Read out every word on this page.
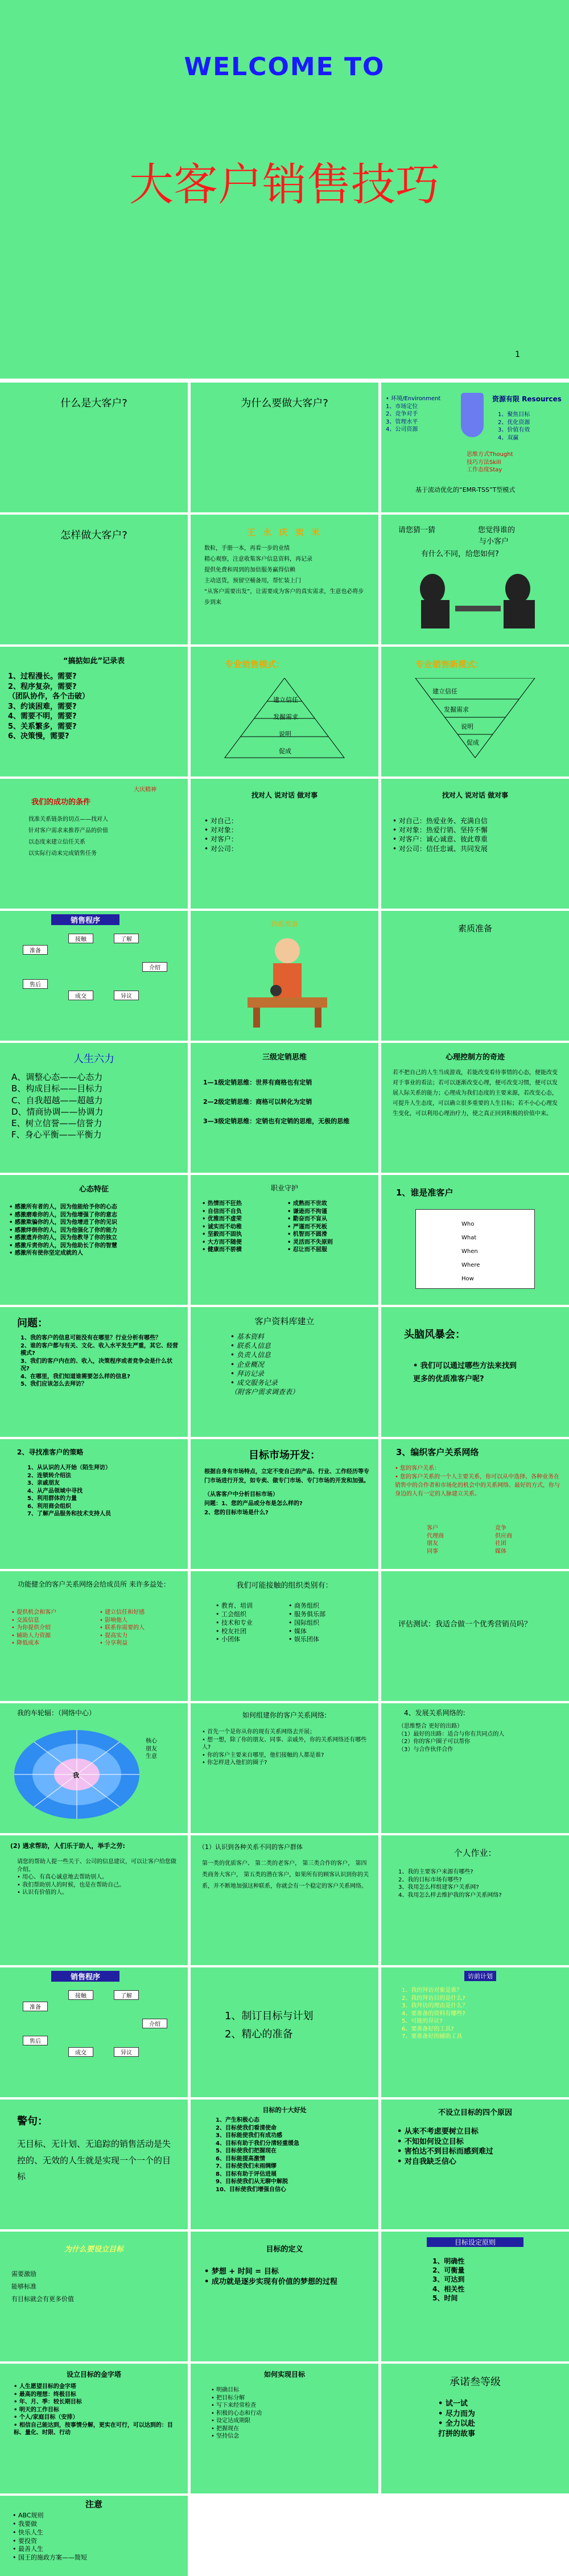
WELCOME TO
大客户销售技巧
1
什么是大客户?	为什么要做大客户?	• 环境/Environment
1、市场定位
2、竞争对手
3、管理水平
4、公司资源
资源有限 Resources
1、聚焦目标
2、优化资源
3、价值有效
4、双赢
思维方式Thought
技巧方法Skill
工作态度Stay
基于流动优化的“EMR-TSS”T型模式
怎样做大客户?	王 永 庆 卖 米
数粒，手册一本，再看一步的业绩
精心观察，注意收集客户信息资料，再记录
提供免费和周到的加倍服务赢得信赖
主动送货，预留空桶备用，帮忙装上门
“从客户需要出发”，让需要成为客户的真实需求，生意也必将步步到来
请您猜一猜	您觉得谁的
与小客户
有什么不同，给您如何?
“搞掂如此”记录表
1、过程漫长。需要?
2、程序复杂，需要?
（团队协作，各个击破）
3、约谈困难，需要?
4、需要不明，需要?
5、关系繁多，需要?
6、决策慢，需要?
专业销售模式：
建立信任
发掘需求
说明
促成
专业销售新模式：
建立信任
发掘需求
说明
促成
我们的成功的条件
大庆精神
找准关系链条的切点——找对人
针对客户需求来推荐产品的价值
以态度来建立信任关系
以实际行动来完成销售任务
找对人 说对话 做对事
• 对自己：
• 对对象：
• 对客户：
• 对公司：
找对人 说对话 做对事
• 对自己：热爱业务、充满自信
• 对对象：热爱行销、坚持不懈
• 对客户：诚心诚意、彼此尊重
• 对公司：信任忠诚、共同发展
销售程序
准备
接触	了解
介绍
异议
成交
售后
访前准备	素质准备
人生六力
A、调整心态——心态力
B、构成目标——目标力
C、自我超越——超越力
D、情商协调——协调力
E、树立信誉——信誉力
F、身心平衡——平衡力
三级定销思维
1—1级定销思维：世界有商格也有定销
2—2级定销思维：商格可以转化为定销
3—3级定销思维：定销也有定销的思维，无极的思维
心理控制方的奇迹
若不把自己的人生当成游戏，若能改变看待事情的心态，便能改变对于事业的看法；若可以逐渐改变心理，便可改变习惯，便可以发展人际关系的能力；心理成为我们态度的主要来源，若改变心态，可提升人生态度，可以确立很多重要的人生目标；若不小心心理发生变化，可以利用心理治疗力，使之真正回到积极的价值中来。
心态特征
• 感激所有者的人，因为他能给予你的心态
• 感激磨难你的人，因为他增强了你的意志
• 感激欺骗你的人，因为他增进了你的见识
• 感激绊倒你的人，因为他强化了你的能力
• 感激遗弃你的人，因为他教导了你的独立
• 感激斥责你的人，因为他助长了你的智慧
• 感激所有使你坚定成就的人
职业守护
• 热情而不狂热
• 自信而不自负
• 优雅而不虚荣
• 诚实而不幼稚
• 坚毅而不固执
• 大方而不随便
• 健康而不骄横
• 成熟而不世故
• 谦逊而不拘谨
• 勤奋而不盲从
• 严谨而不死板
• 机智而不圆滑
• 灵活而不失原则
• 忍让而不屈服
1、谁是准客户
Who
What
When
Where
How
问题：
1、我的客户的信息可能没有在哪里？行业分析有哪些？
2、谁的客户都与有关、文化、收入水平发生严重，其它、经营模式?
3、我们的客户内在的、收入，决策程序或者竞争会是什么状况?
4、在哪里，我们知道谁需要怎么样的信息?
5、我们应该怎么去拜访？
客户资料库建立
• 基本资料
• 联系人信息
• 负责人信息
• 企业概况
• 拜访记录
• 成交服务记录
（附客户需求调查表）
头脑风暴会：
• 我们可以通过哪些方法来找到
更多的优质准客户呢?
2、寻找准客户的策略
1、从认识的人开始（陌生拜访）
2、连锁转介绍法
3、亲戚朋友
4、从产品领域中寻找
5、利用群体的力量
6、利用商会组织
7、了解产品服务和技术支持人员
目标市场开发：
根据自身有市场特点，立定不变自己的产品、行业、工作经历等专门市场进行开发，如专卖、做专门市场、专门市场的开发和加强。
（从客客户中分析目标市场）
问题：1、您的产品或分布是怎么样的?
2、您的目标市场是什么?
3、编织客户关系网络
• 您的客户关系：
• 您的客户关系的一个人主要关系，你可以从中选择、各种业务在销售中的合作者和市场化的机会中的关系网络、最好的方式，你与身边的人有一定的人脉建立关系。
客户
代理商
朋友
同事
竞争
供应商
社团
媒体
功能健全的客户关系网络会给成员所 来许多益处：
• 提供机会和客户
• 交流信息
• 为你提供介绍
• 辅助人力资源
• 降低成本
• 建立信任和好感
• 影响他人
• 联系你需要的人
• 提高实力
• 分享利益
我们可能接触的组织类别有：
• 教育、培训
• 工会组织
• 技术和专业
• 校友社团
• 小团体
• 商务组织
• 服务俱乐部
• 国际组织
• 媒体
• 娱乐团体
评估测试：我适合做一个优秀营销员吗？
我的车轮辐：（网络中心）
我
核心
朋友
生意
如何组建你的客户关系网络:
• 首先一个是你从你的现有关系网络去开展；
• 想一想，除了你的朋友、同事、亲戚外，你的关系网络还有哪些人?
• 你的客户主要来自哪里，他们接触的人都是谁?
• 你怎样进入他们的圈子?
4、发展关系网络的:
（思维整合 更好的出路）
（1）最好的出路：适合与你有共同点的人
（2）你的客户圈子可以帮你
（3）与合作伙伴合作
(2) 遇求帮助，人们乐于助人，举手之劳:
请您的帮助人提一些关于、公司的信息建议，可以让客户给您做介绍。
• 用心、有真心诚意地去帮助别人。
• 我们帮助别人的时候，也是在帮助自己。
• 认识有价值的人。
（1）认识到各种关系不同的客户群体
第一类的优质客户、 第二类的老客户， 第三类合作的客户， 第四类商务大客户， 第五类的潜在客户，如果所有的顾客认识到你的关系，并不断地加强这种联系，你就会有一个稳定的客户关系网络。
个人作业：
1、我的主要客户来源有哪些?
2、我的目标市场有哪些?
3、我用怎么样组建客户关系网?
4、我用怎么样去维护我的客户关系网络?
销售程序
准备
接触	了解
介绍
异议
成交
售后
1、制订目标与计划
2、精心的准备
访前计划
1、我的拜访对象是谁？
2、我的拜访目的是什么?
3、我拜访的理由是什么？
4、要准备的资料有哪些?
5、可能的异议?
6、要准备好的工具?
7、要准备好的辅助工具
警句：
无目标、无计划、无追踪的销售活动是失控的、无效的人生就是实现一个一个的目标
目标的十大好处
1、产生积极心态
2、目标使我们看清使命
3、目标能使我们有成功感
4、目标有助于我们分清轻重缓急
5、目标使我们把握现在
6、目标能提高激情
7、目标使我们未雨绸缪
8、目标有助于评估进展
9、目标使我们从无聊中解脱
10、目标使我们增强自信心
不设立目标的四个原因
• 从来不考虑要树立目标
• 不知如何设立目标
• 害怕达不到目标而感到难过
• 对自我缺乏信心
为什么要设立目标
需要激励
能够标准
有目标就会有更多价值
目标的定义
• 梦想 + 时间 = 目标
• 成功就是逐步实现有价值的梦想的过程
目标设定原则
1、明确性
2、可衡量
3、可达到
4、相关性
5、时间
设立目标的金字塔
• 人生愿望目标的金字塔
• 最高的理想：终极目标
• 年、月、季：较长期目标
• 明天的工作目标
• 个人/家庭目标（安排）
• 相信自己能达到，按事情分解，更实在可行，可以达到的：目标、量化、时限、行动
如何实现目标
• 明确目标
• 把目标分解
• 写下来经常检查
• 积极的心态和行动
• 设定达成期限
• 把握现在
• 坚持信念
承诺叁等级
• 试一试
• 尽力而为
• 全力以赴
打拼的故事
注意
• ABC规则
• 我要做
• 快乐人生
• 要投资
• 最善人生
• 国王的施政方案——简短
